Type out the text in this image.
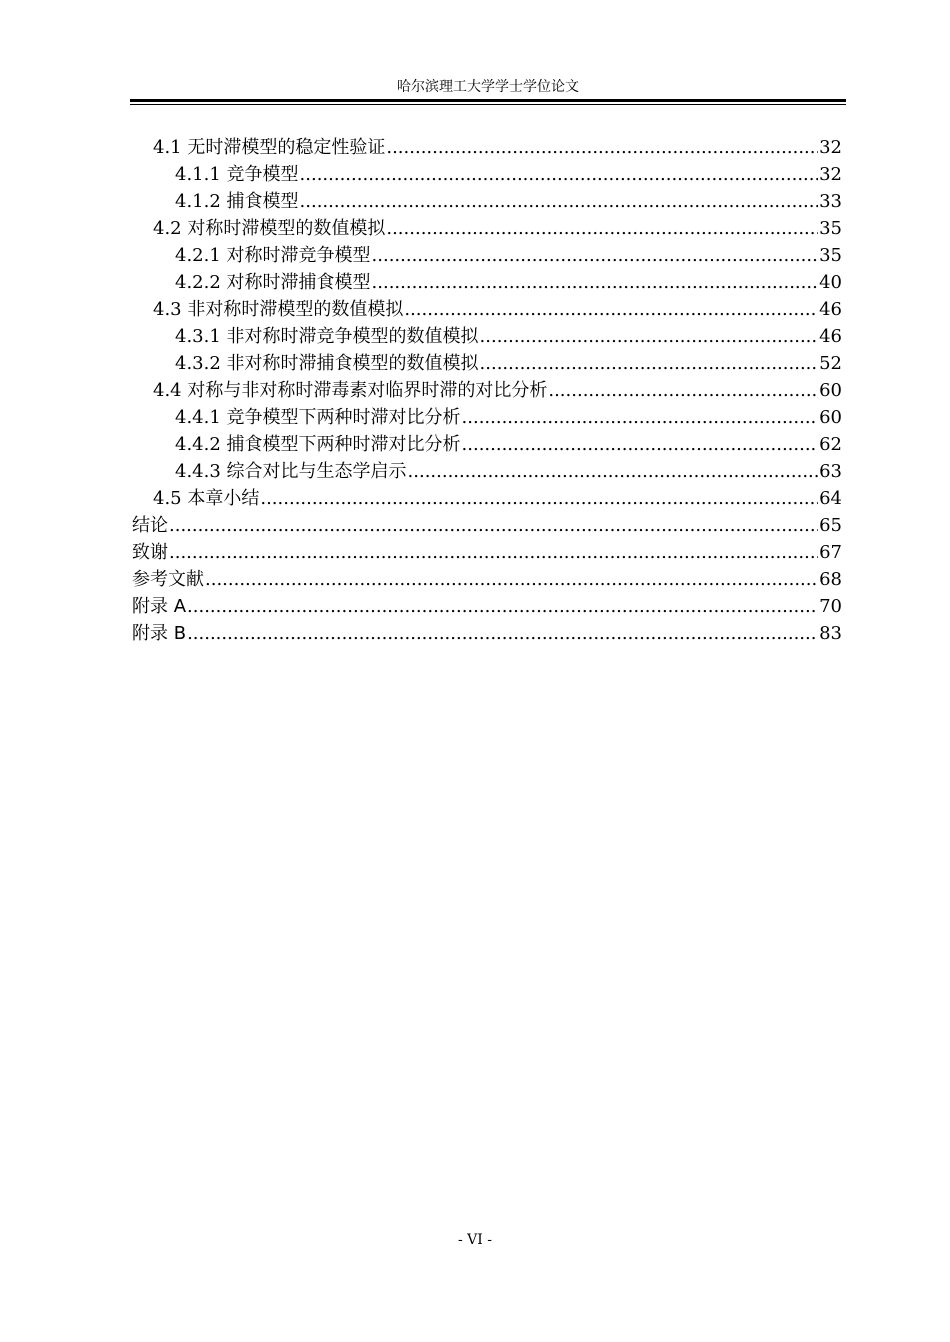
哈尔滨理工大学学士学位论文
4.1 无时滞模型的稳定性验证 .....	32
4.1.1 竞争模型 .....	32
4.1.2 捕食模型 .....	33
4.2 对称时滞模型的数值模拟 .....	35
4.2.1 对称时滞竞争模型 .....	35
4.2.2 对称时滞捕食模型 .....	40
4.3 非对称时滞模型的数值模拟 .....	46
4.3.1 非对称时滞竞争模型的数值模拟 .....	46
4.3.2 非对称时滞捕食模型的数值模拟 .....	52
4.4 对称与非对称时滞毒素对临界时滞的对比分析 .....	60
4.4.1 竞争模型下两种时滞对比分析 .....	60
4.4.2 捕食模型下两种时滞对比分析 .....	62
4.4.3 综合对比与生态学启示 .....	63
4.5 本章小结 .....	64
结论 .....	65
致谢 .....	67
参考文献 .....	68
附录 A .....	70
附录 B .....	83
- VI -
